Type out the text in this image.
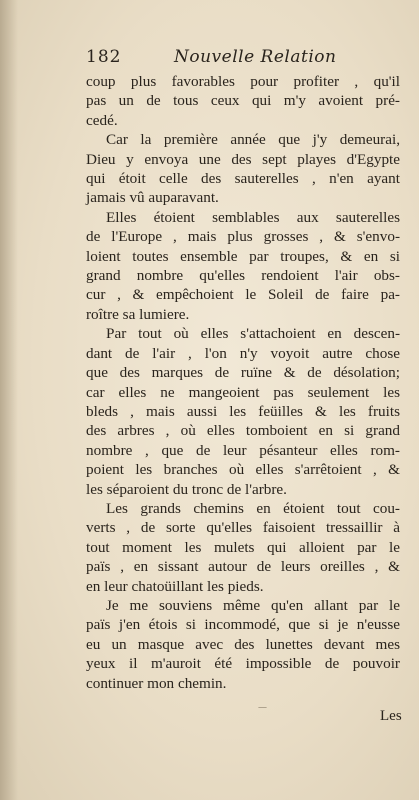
182	Nouvelle Relation
coup plus favorables pour profiter , qu'il
pas un de tous ceux qui m'y avoient pré-
cedé.
Car la première année que j'y demeurai,
Dieu y envoya une des sept playes d'Egypte
qui étoit celle des sauterelles , n'en ayant
jamais vû auparavant.
Elles étoient semblables aux sauterelles
de l'Europe , mais plus grosses , & s'envo-
loient toutes ensemble par troupes, & en si
grand nombre qu'elles rendoient l'air obs-
cur , & empêchoient le Soleil de faire pa-
roître sa lumiere.
Par tout où elles s'attachoient en descen-
dant de l'air , l'on n'y voyoit autre chose
que des marques de ruïne & de désolation;
car elles ne mangeoient pas seulement les
bleds , mais aussi les feüilles & les fruits
des arbres , où elles tomboient en si grand
nombre , que de leur pésanteur elles rom-
poient les branches où elles s'arrêtoient , &
les séparoient du tronc de l'arbre.
Les grands chemins en étoient tout cou-
verts , de sorte qu'elles faisoient tressaillir à
tout moment les mulets qui alloient par le
païs , en sissant autour de leurs oreilles , &
en leur chatoüillant les pieds.
Je me souviens même qu'en allant par le
païs j'en étois si incommodé, que si je n'eusse
eu un masque avec des lunettes devant mes
yeux il m'auroit été impossible de pouvoir
continuer mon chemin.
—	Les
